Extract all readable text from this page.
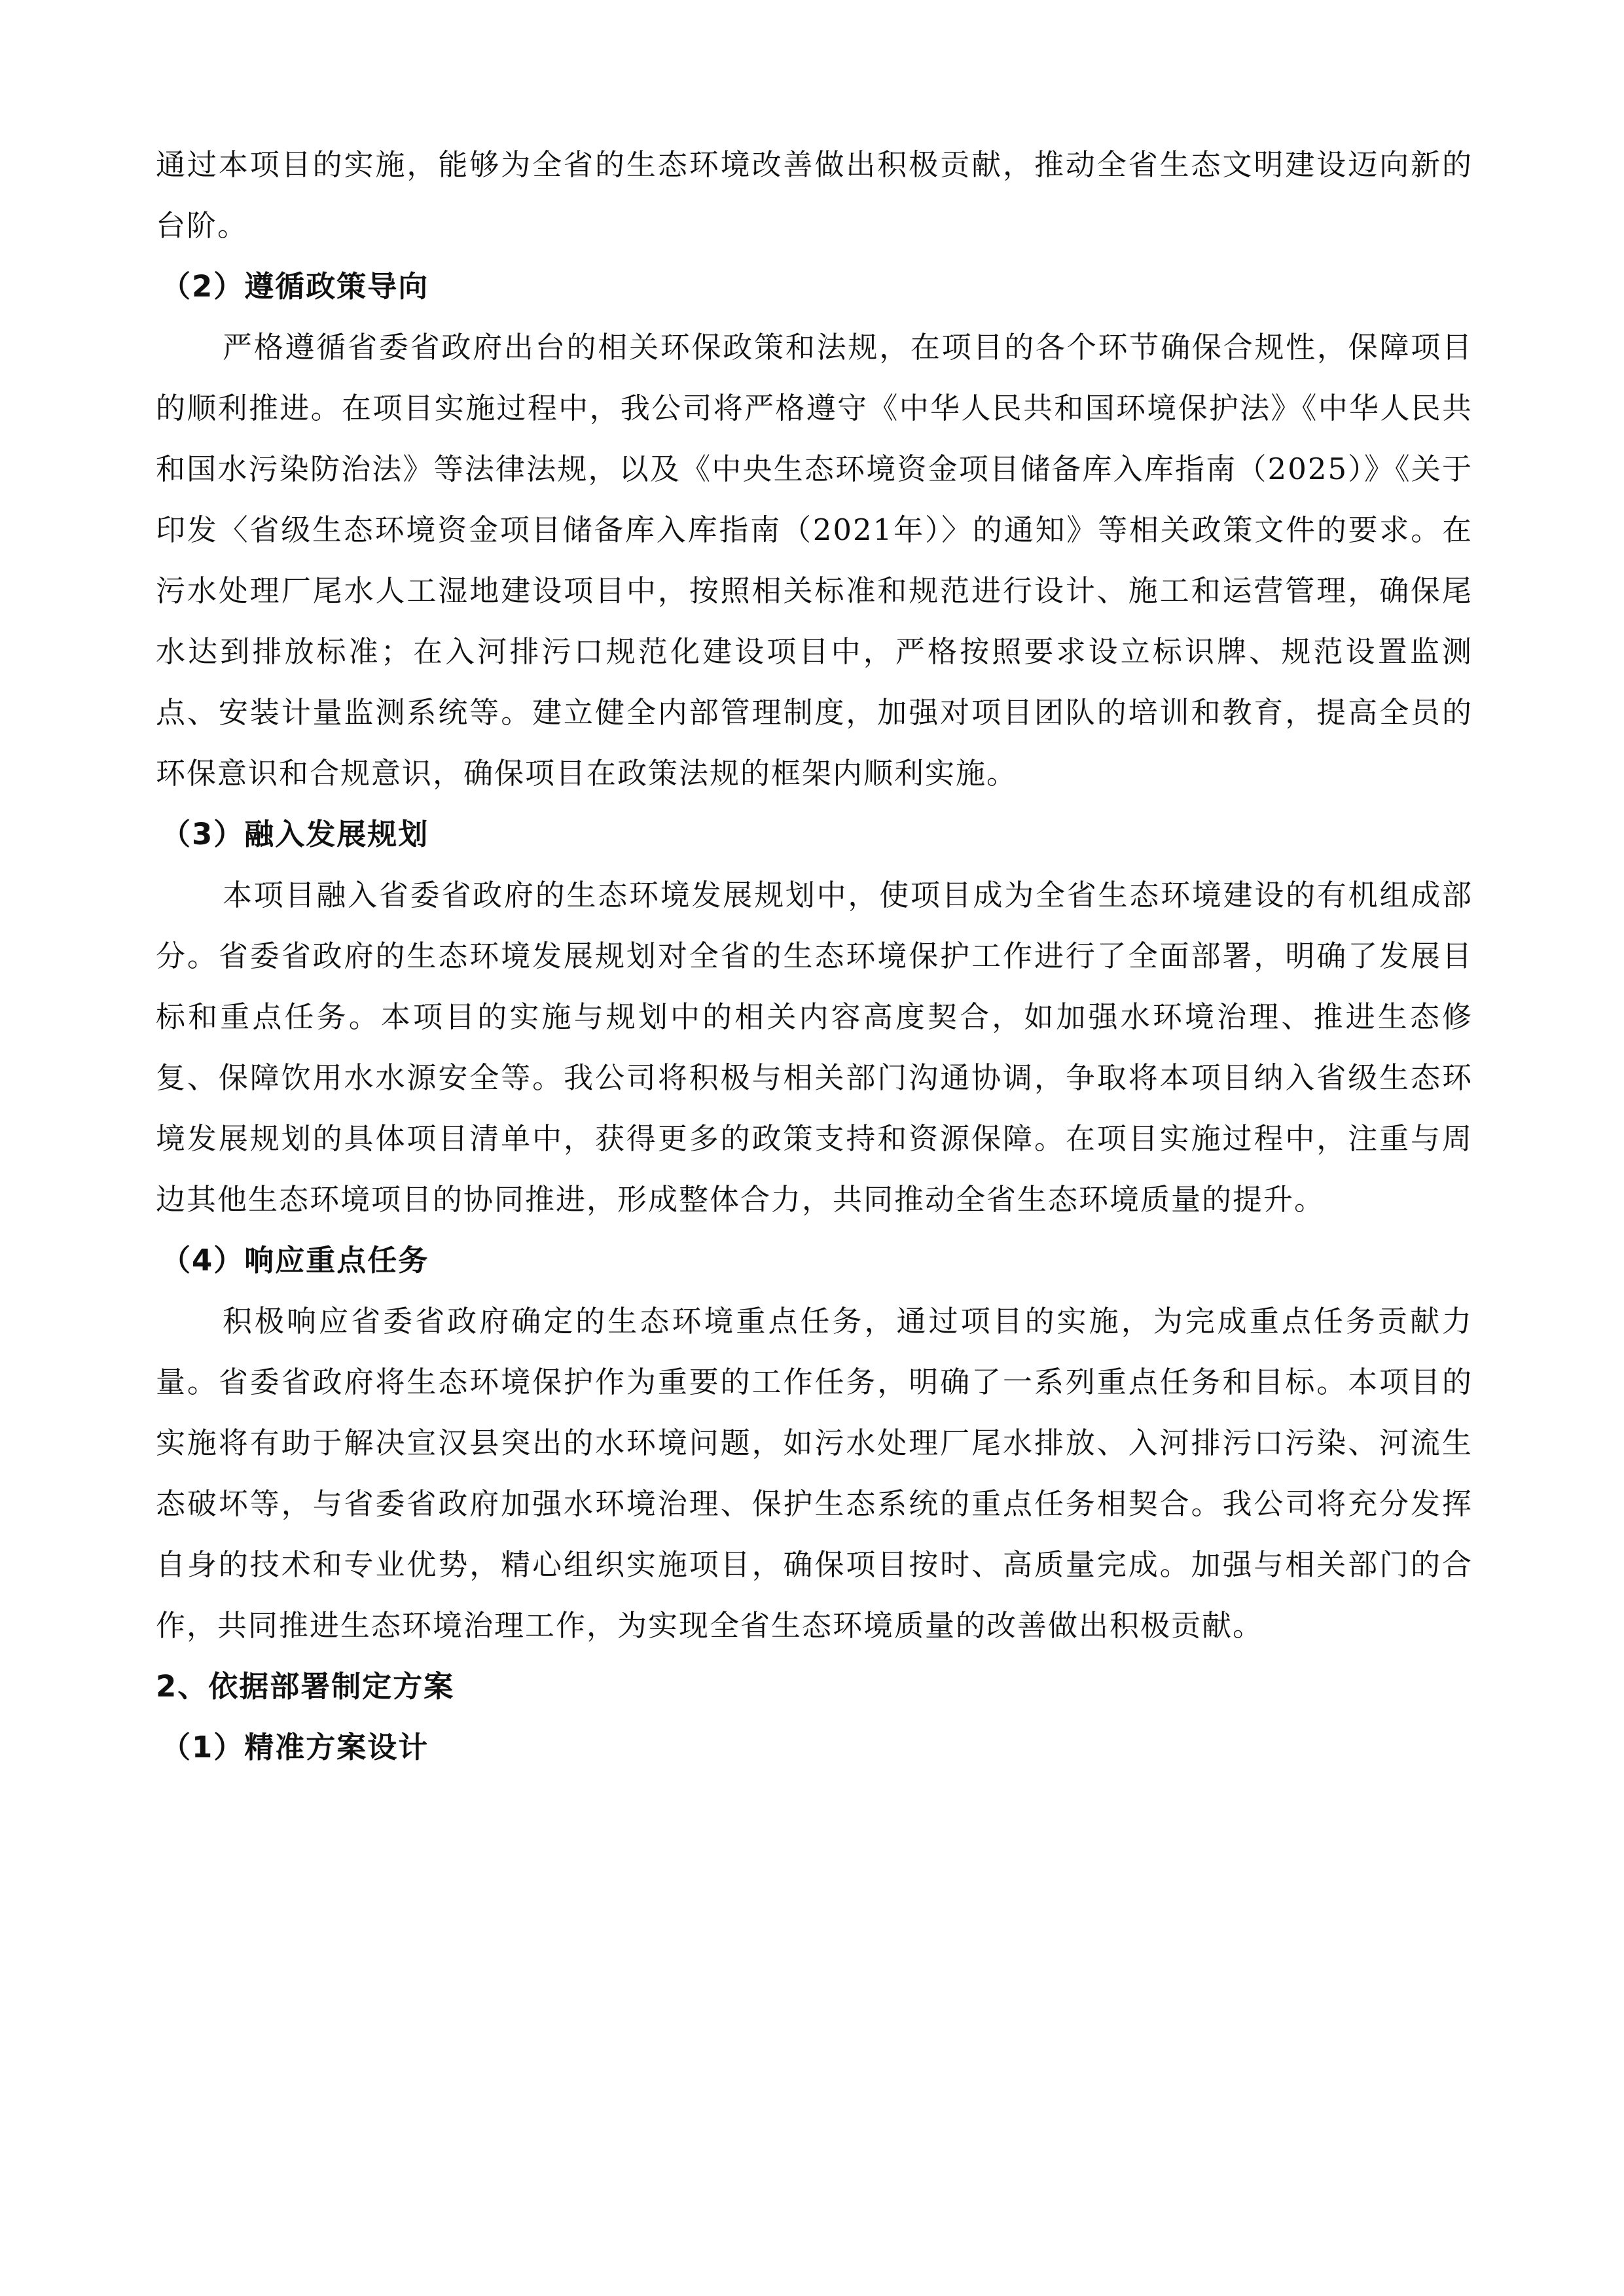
通过本项目的实施，能够为全省的生态环境改善做出积极贡献，推动全省生态文明建设迈向新的台阶。

（2）遵循政策导向

严格遵循省委省政府出台的相关环保政策和法规，在项目的各个环节确保合规性，保障项目的顺利推进。在项目实施过程中，我公司将严格遵守《中华人民共和国环境保护法》《中华人民共和国水污染防治法》等法律法规，以及《中央生态环境资金项目储备库入库指南（2025）》《关于印发〈省级生态环境资金项目储备库入库指南（2021年）〉的通知》等相关政策文件的要求。在污水处理厂尾水人工湿地建设项目中，按照相关标准和规范进行设计、施工和运营管理，确保尾水达到排放标准；在入河排污口规范化建设项目中，严格按照要求设立标识牌、规范设置监测点、安装计量监测系统等。建立健全内部管理制度，加强对项目团队的培训和教育，提高全员的环保意识和合规意识，确保项目在政策法规的框架内顺利实施。

（3）融入发展规划

本项目融入省委省政府的生态环境发展规划中，使项目成为全省生态环境建设的有机组成部分。省委省政府的生态环境发展规划对全省的生态环境保护工作进行了全面部署，明确了发展目标和重点任务。本项目的实施与规划中的相关内容高度契合，如加强水环境治理、推进生态修复、保障饮用水水源安全等。我公司将积极与相关部门沟通协调，争取将本项目纳入省级生态环境发展规划的具体项目清单中，获得更多的政策支持和资源保障。在项目实施过程中，注重与周边其他生态环境项目的协同推进，形成整体合力，共同推动全省生态环境质量的提升。

（4）响应重点任务

积极响应省委省政府确定的生态环境重点任务，通过项目的实施，为完成重点任务贡献力量。省委省政府将生态环境保护作为重要的工作任务，明确了一系列重点任务和目标。本项目的实施将有助于解决宣汉县突出的水环境问题，如污水处理厂尾水排放、入河排污口污染、河流生态破坏等，与省委省政府加强水环境治理、保护生态系统的重点任务相契合。我公司将充分发挥自身的技术和专业优势，精心组织实施项目，确保项目按时、高质量完成。加强与相关部门的合作，共同推进生态环境治理工作，为实现全省生态环境质量的改善做出积极贡献。

2、依据部署制定方案

（1）精准方案设计
